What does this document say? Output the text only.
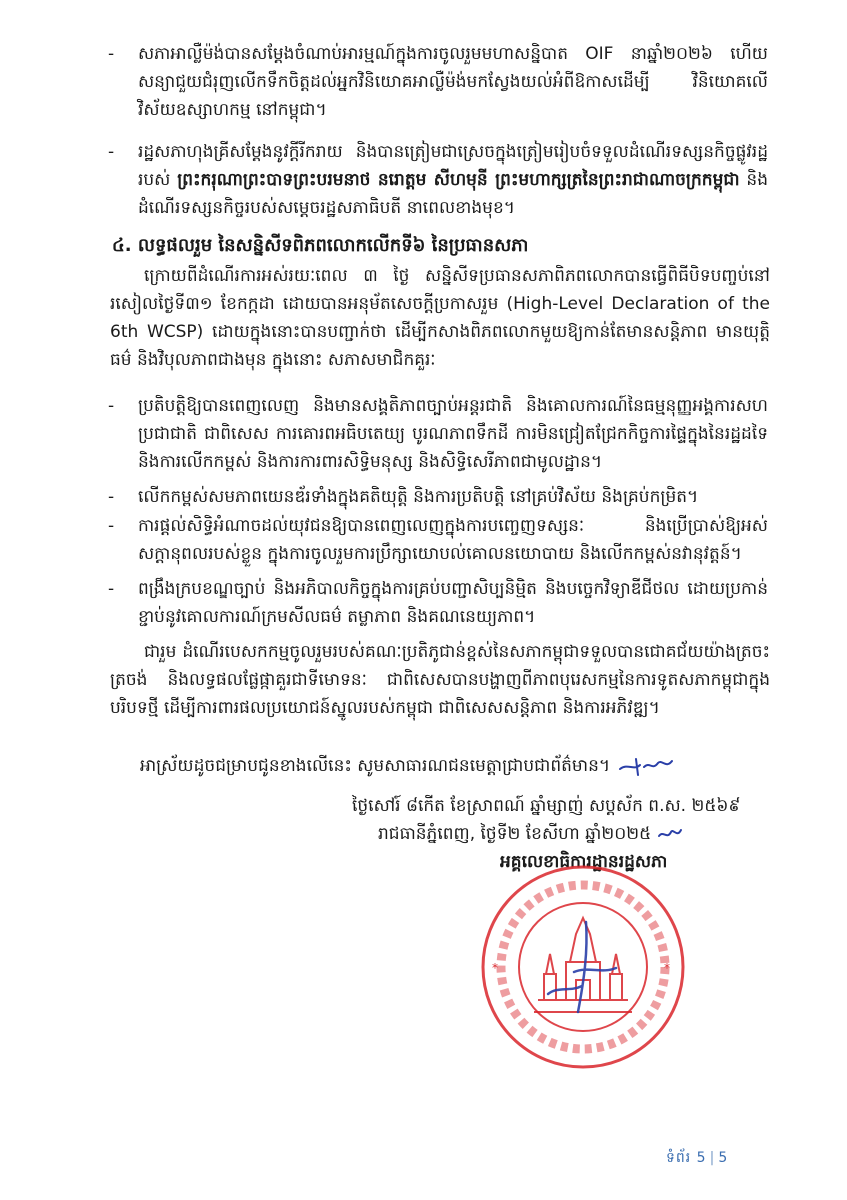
-	សភាអាល្លឺម៉ង់បានសម្តែងចំណាប់អារម្មណ៍ក្នុងការចូលរួមមហាសន្និបាត OIF នាឆ្នាំ២០២៦ ហើយសន្យាជួយជំរុញលើកទឹកចិត្តដល់អ្នកវិនិយោគអាល្លឺម៉ង់មកស្វែងយល់អំពីឱកាសដើម្បី វិនិយោគលើវិស័យឧស្សាហកម្ម នៅកម្ពុជា។
-	រដ្ឋសភាហុងគ្រីសម្តែងនូវក្តីរីករាយ និងបានត្រៀមជាស្រេចក្នុងត្រៀមរៀបចំទទួលដំណើរទស្សនកិច្ចផ្លូវរដ្ឋ របស់ ព្រះករុណាព្រះបាទព្រះបរមនាថ នរោត្តម សីហមុនី ព្រះមហាក្សត្រនៃព្រះរាជាណាចក្រកម្ពុជា និងដំណើរទស្សនកិច្ចរបស់សម្តេចរដ្ឋសភាធិបតី នាពេលខាងមុខ។
៤. លទ្ធផលរួម នៃសន្និសីទពិភពលោកលើកទី៦ នៃប្រធានសភា
ក្រោយពីដំណើរការអស់រយៈពេល ៣ ថ្ងៃ សន្និសីទប្រធានសភាពិភពលោកបានធ្វើពិធីបិទបញ្ចប់នៅរសៀលថ្ងៃទី៣១ ខែកក្កដា ដោយបានអនុម័តសេចក្តីប្រកាសរួម (High-Level Declaration of the 6th WCSP) ដោយក្នុងនោះបានបញ្ជាក់ថា ដើម្បីកសាងពិភពលោកមួយឱ្យកាន់តែមានសន្តិភាព មានយុត្តិធម៌ និងវិបុលភាពជាងមុន ក្នុងនោះ សភាសមាជិកគួរៈ
-	ប្រតិបត្តិឱ្យបានពេញលេញ និងមានសង្គតិភាពច្បាប់អន្តរជាតិ និងគោលការណ៍នៃធម្មនុញ្ញអង្គការសហប្រជាជាតិ ជាពិសេស ការគោរពអធិបតេយ្យ បូរណភាពទឹកដី ការមិនជ្រៀតជ្រែកកិច្ចការផ្ទៃក្នុងនៃរដ្ឋដទៃ និងការលើកកម្ពស់ និងការការពារសិទ្ធិមនុស្ស និងសិទ្ធិសេរីភាពជាមូលដ្ឋាន។
-	លើកកម្ពស់សមភាពយេនឌ័រទាំងក្នុងគតិយុត្តិ និងការប្រតិបត្តិ នៅគ្រប់វិស័យ និងគ្រប់កម្រិត។
-	ការផ្តល់សិទ្ធិអំណាចដល់យុវជនឱ្យបានពេញលេញក្នុងការបញ្ចេញទស្សនៈ និងប្រើប្រាស់ឱ្យអស់សក្តានុពលរបស់ខ្លួន ក្នុងការចូលរួមការប្រឹក្សាយោបល់គោលនយោបាយ និងលើកកម្ពស់នវានុវត្តន៍។
-	ពង្រឹងក្របខណ្ឌច្បាប់ និងអភិបាលកិច្ចក្នុងការគ្រប់បញ្ជាសិប្បនិម្មិត និងបច្ចេកវិទ្យាឌីជីថល ដោយប្រកាន់ខ្ជាប់នូវគោលការណ៍ក្រមសីលធម៌ តម្លាភាព និងគណនេយ្យភាព។
ជារួម ដំណើរបេសកកម្មចូលរួមរបស់គណៈប្រតិភូជាន់ខ្ពស់នៃសភាកម្ពុជាទទួលបានជោគជ័យយ៉ាងត្រចះត្រចង់ និងលទ្ធផលផ្លែផ្កាគួរជាទីមោទនៈ ជាពិសេសបានបង្ហាញពីភាពបុរេសកម្មនៃការទូតសភាកម្ពុជាក្នុងបរិបទថ្មី ដើម្បីការពារផលប្រយោជន៍ស្នូលរបស់កម្ពុជា ជាពិសេសសន្តិភាព និងការអភិវឌ្ឍ។
អាស្រ័យដូចជម្រាបជូនខាងលើនេះ សូមសាធារណជនមេត្តាជ្រាបជាព័ត៌មាន។
ថ្ងៃសៅរ៍ ៨កើត ខែស្រាពណ៍ ឆ្នាំម្សាញ់ សប្តស័ក ព.ស. ២៥៦៩
រាជធានីភ្នំពេញ, ថ្ងៃទី២ ខែសីហា ឆ្នាំ២០២៥
អគ្គលេខាធិការដ្ឋានរដ្ឋសភា
*	*
ទំព័រ 5 | 5
